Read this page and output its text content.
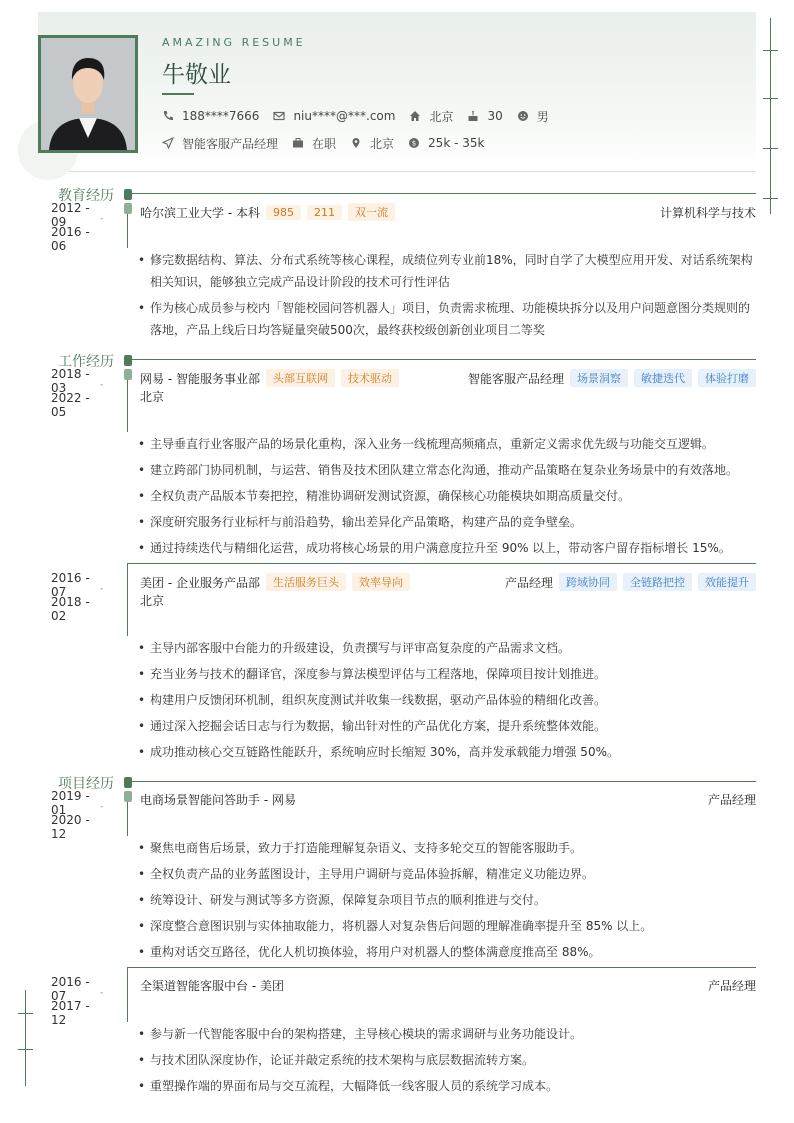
AMAZING RESUME
牛敬业
188****7666	niu****@***.com	北京	30	男
智能客服产品经理	在职	北京	$ 25k - 35k
教育经历
2012 - 09	-
2016 - 06
哈尔滨工业大学 - 本科	985	211	双一流	计算机科学与技术
• 修完数据结构、算法、分布式系统等核心课程，成绩位列专业前18%，同时自学了大模型应用开发、对话系统架构相关知识，能够独立完成产品设计阶段的技术可行性评估
• 作为核心成员参与校内「智能校园问答机器人」项目，负责需求梳理、功能模块拆分以及用户问题意图分类规则的落地，产品上线后日均答疑量突破500次，最终获校级创新创业项目二等奖
工作经历
2018 - 03	-
2022 - 05
网易 - 智能服务事业部	头部互联网	技术驱动	智能客服产品经理	场景洞察	敏捷迭代	体验打磨
北京
• 主导垂直行业客服产品的场景化重构，深入业务一线梳理高频痛点，重新定义需求优先级与功能交互逻辑。
• 建立跨部门协同机制，与运营、销售及技术团队建立常态化沟通，推动产品策略在复杂业务场景中的有效落地。
• 全权负责产品版本节奏把控，精准协调研发测试资源，确保核心功能模块如期高质量交付。
• 深度研究服务行业标杆与前沿趋势，输出差异化产品策略，构建产品的竞争壁垒。
• 通过持续迭代与精细化运营，成功将核心场景的用户满意度拉升至 90% 以上，带动客户留存指标增长 15%。
2016 - 07	-
2018 - 02
美团 - 企业服务产品部	生活服务巨头	效率导向	产品经理	跨域协同	全链路把控	效能提升
北京
• 主导内部客服中台能力的升级建设，负责撰写与评审高复杂度的产品需求文档。
• 充当业务与技术的翻译官，深度参与算法模型评估与工程落地，保障项目按计划推进。
• 构建用户反馈闭环机制，组织灰度测试并收集一线数据，驱动产品体验的精细化改善。
• 通过深入挖掘会话日志与行为数据，输出针对性的产品优化方案，提升系统整体效能。
• 成功推动核心交互链路性能跃升，系统响应时长缩短 30%，高并发承载能力增强 50%。
项目经历
2019 - 01	-
2020 - 12
电商场景智能问答助手 - 网易	产品经理
• 聚焦电商售后场景，致力于打造能理解复杂语义、支持多轮交互的智能客服助手。
• 全权负责产品的业务蓝图设计，主导用户调研与竞品体验拆解，精准定义功能边界。
• 统筹设计、研发与测试等多方资源，保障复杂项目节点的顺利推进与交付。
• 深度整合意图识别与实体抽取能力，将机器人对复杂售后问题的理解准确率提升至 85% 以上。
• 重构对话交互路径，优化人机切换体验，将用户对机器人的整体满意度推高至 88%。
2016 - 07	-
2017 - 12
全渠道智能客服中台 - 美团	产品经理
• 参与新一代智能客服中台的架构搭建，主导核心模块的需求调研与业务功能设计。
• 与技术团队深度协作，论证并敲定系统的技术架构与底层数据流转方案。
• 重塑操作端的界面布局与交互流程，大幅降低一线客服人员的系统学习成本。
